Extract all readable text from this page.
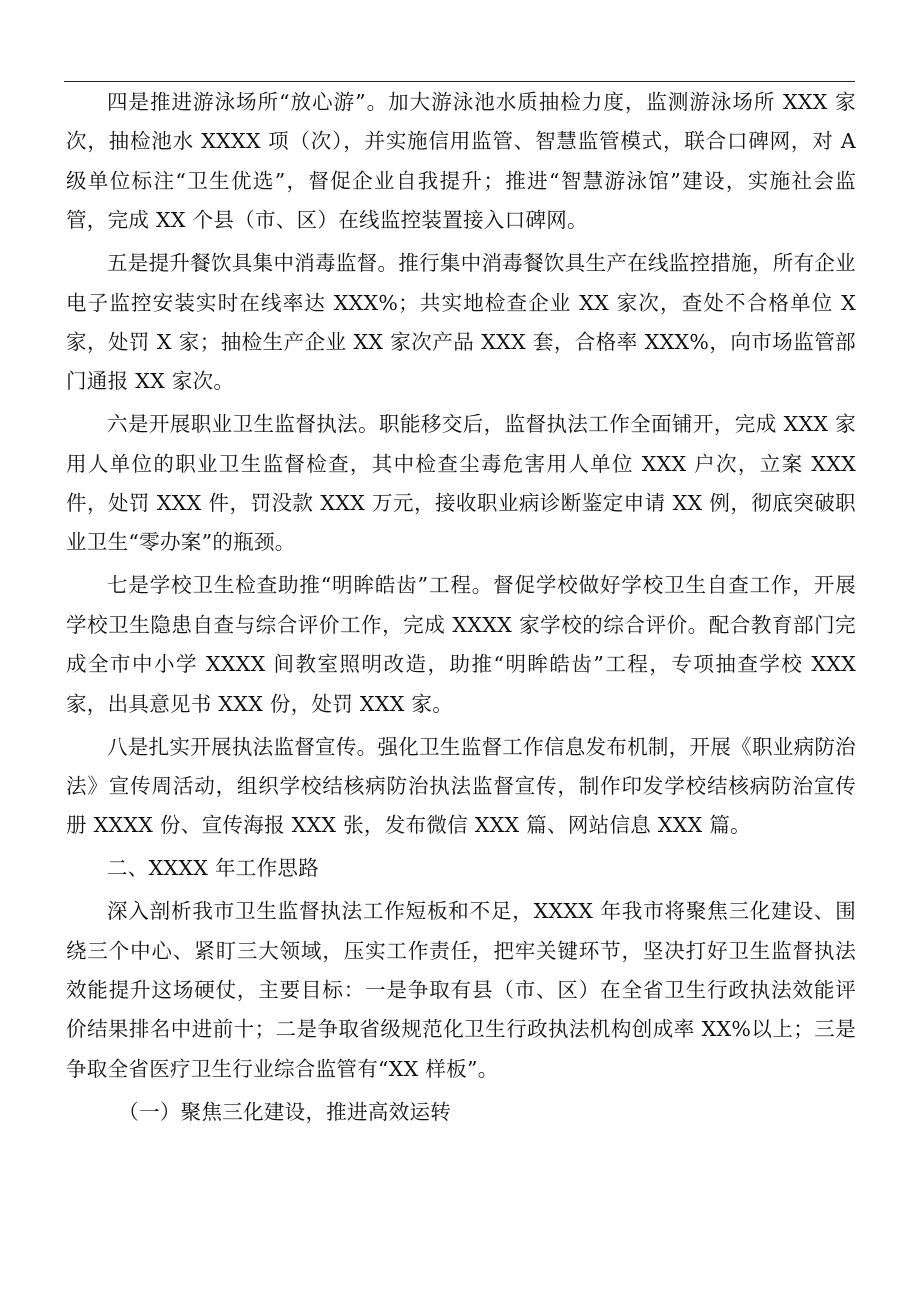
四是推进游泳场所“放心游”。加大游泳池水质抽检力度，监测游泳场所 XXX 家次，抽检池水 XXXX 项（次），并实施信用监管、智慧监管模式，联合口碑网，对 A 级单位标注“卫生优选”，督促企业自我提升；推进“智慧游泳馆”建设，实施社会监管，完成 XX 个县（市、区）在线监控装置接入口碑网。

五是提升餐饮具集中消毒监督。推行集中消毒餐饮具生产在线监控措施，所有企业电子监控安装实时在线率达 XXX%；共实地检查企业 XX 家次，查处不合格单位 X 家，处罚 X 家；抽检生产企业 XX 家次产品 XXX 套，合格率 XXX%，向市场监管部门通报 XX 家次。

六是开展职业卫生监督执法。职能移交后，监督执法工作全面铺开，完成 XXX 家用人单位的职业卫生监督检查，其中检查尘毒危害用人单位 XXX 户次，立案 XXX 件，处罚 XXX 件，罚没款 XXX 万元，接收职业病诊断鉴定申请 XX 例，彻底突破职业卫生“零办案”的瓶颈。

七是学校卫生检查助推“明眸皓齿”工程。督促学校做好学校卫生自查工作，开展学校卫生隐患自查与综合评价工作，完成 XXXX 家学校的综合评价。配合教育部门完成全市中小学 XXXX 间教室照明改造，助推“明眸皓齿”工程，专项抽查学校 XXX 家，出具意见书 XXX 份，处罚 XXX 家。

八是扎实开展执法监督宣传。强化卫生监督工作信息发布机制，开展《职业病防治法》宣传周活动，组织学校结核病防治执法监督宣传，制作印发学校结核病防治宣传册 XXXX 份、宣传海报 XXX 张，发布微信 XXX 篇、网站信息 XXX 篇。

二、XXXX 年工作思路

深入剖析我市卫生监督执法工作短板和不足，XXXX 年我市将聚焦三化建设、围绕三个中心、紧盯三大领域，压实工作责任，把牢关键环节，坚决打好卫生监督执法效能提升这场硬仗，主要目标：一是争取有县（市、区）在全省卫生行政执法效能评价结果排名中进前十；二是争取省级规范化卫生行政执法机构创成率 XX%以上；三是争取全省医疗卫生行业综合监管有“XX 样板”。

（一）聚焦三化建设，推进高效运转
